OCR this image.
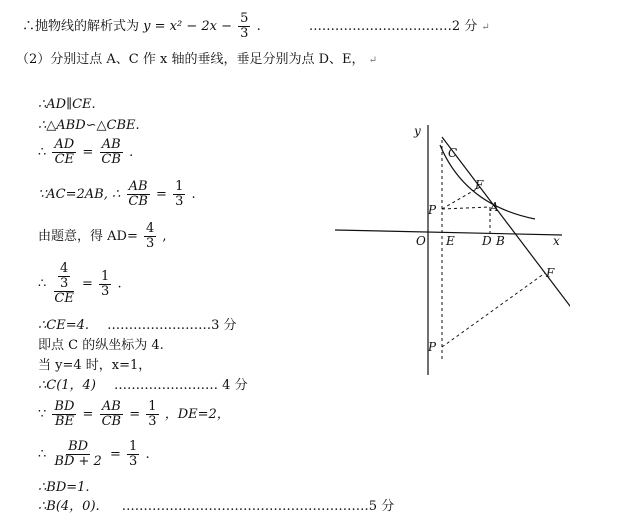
∴抛物线的解析式为 $y = x^2 - 2x - \frac{5}{3}$ .	……………………………2 分 ↵
（2）分别过点 A、C 作 x 轴的垂线，垂足分别为点 D、E， ↵
∴AD∥CE.
∴△ABD∽△CBE.
∴ $\frac{AD}{CE} = \frac{AB}{CB}$ .
∵AC=2AB, ∴ $\frac{AB}{CB} = \frac{1}{3}$ .
由题意，得 $AD= \frac{4}{3}$ ,
∴ $\frac{\frac{4}{3}}{CE} = \frac{1}{3}$ .
∴CE=4. ……………………3 分
即点 C 的纵坐标为 4.
当 y=4 时，x=1，
∴C(1，4) …………………… 4 分
∵ $\frac{BD}{BE} = \frac{AB}{CB} = \frac{1}{3}$ ，DE=2，
∴ $\frac{BD}{BD + 2} = \frac{1}{3}$ .
∴BD=1.
∴B(4，0). …………………………………………………5 分
y
x
O
C
F
P	A
E D B
F
P
